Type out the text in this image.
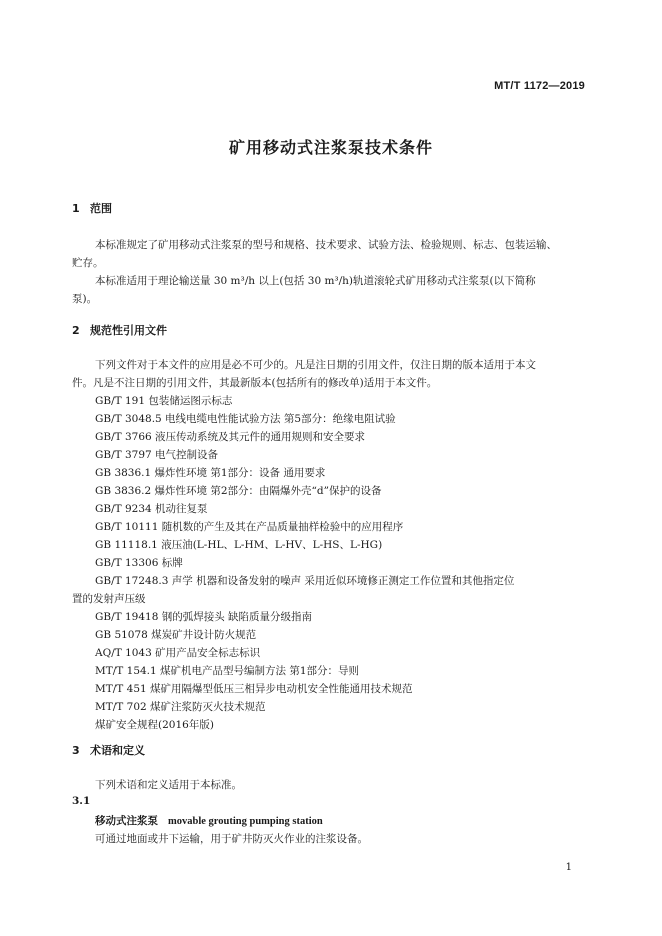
MT/T 1172—2019
矿用移动式注浆泵技术条件
1 范围
本标准规定了矿用移动式注浆泵的型号和规格、技术要求、试验方法、检验规则、标志、包装运输、
贮存。
本标准适用于理论输送量 30 m³/h 以上(包括 30 m³/h)轨道滚轮式矿用移动式注浆泵(以下简称
泵)。
2 规范性引用文件
下列文件对于本文件的应用是必不可少的。凡是注日期的引用文件，仅注日期的版本适用于本文
件。凡是不注日期的引用文件，其最新版本(包括所有的修改单)适用于本文件。
GB/T 191 包装储运图示标志
GB/T 3048.5 电线电缆电性能试验方法 第5部分：绝缘电阻试验
GB/T 3766 液压传动系统及其元件的通用规则和安全要求
GB/T 3797 电气控制设备
GB 3836.1 爆炸性环境 第1部分：设备 通用要求
GB 3836.2 爆炸性环境 第2部分：由隔爆外壳“d”保护的设备
GB/T 9234 机动往复泵
GB/T 10111 随机数的产生及其在产品质量抽样检验中的应用程序
GB 11118.1 液压油(L-HL、L-HM、L-HV、L-HS、L-HG)
GB/T 13306 标牌
GB/T 17248.3 声学 机器和设备发射的噪声 采用近似环境修正测定工作位置和其他指定位
置的发射声压级
GB/T 19418 钢的弧焊接头 缺陷质量分级指南
GB 51078 煤炭矿井设计防火规范
AQ/T 1043 矿用产品安全标志标识
MT/T 154.1 煤矿机电产品型号编制方法 第1部分：导则
MT/T 451 煤矿用隔爆型低压三相异步电动机安全性能通用技术规范
MT/T 702 煤矿注浆防灭火技术规范
煤矿安全规程(2016年版)
3 术语和定义
下列术语和定义适用于本标准。
3.1
移动式注浆泵 movable grouting pumping station
可通过地面或井下运输，用于矿井防灭火作业的注浆设备。
1
